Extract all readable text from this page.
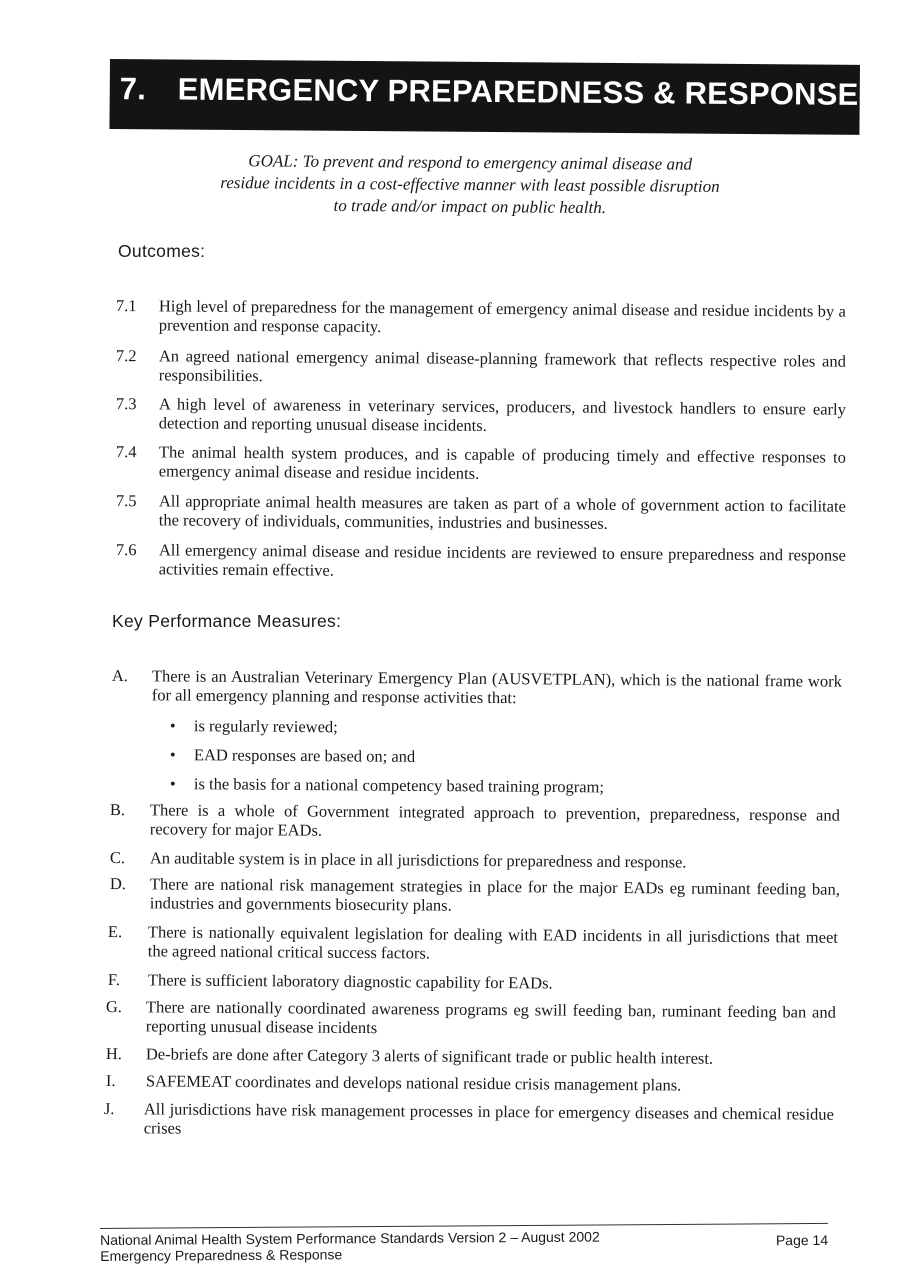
7. EMERGENCY PREPAREDNESS & RESPONSE
GOAL: To prevent and respond to emergency animal disease and
residue incidents in a cost-effective manner with least possible disruption
to trade and/or impact on public health.
Outcomes:
7.1 High level of preparedness for the management of emergency animal disease and residue incidents by a prevention and response capacity.
7.2 An agreed national emergency animal disease-planning framework that reflects respective roles and responsibilities.
7.3 A high level of awareness in veterinary services, producers, and livestock handlers to ensure early detection and reporting unusual disease incidents.
7.4 The animal health system produces, and is capable of producing timely and effective responses to emergency animal disease and residue incidents.
7.5 All appropriate animal health measures are taken as part of a whole of government action to facilitate the recovery of individuals, communities, industries and businesses.
7.6 All emergency animal disease and residue incidents are reviewed to ensure preparedness and response activities remain effective.
Key Performance Measures:
A. There is an Australian Veterinary Emergency Plan (AUSVETPLAN), which is the national frame work for all emergency planning and response activities that:
• is regularly reviewed;
• EAD responses are based on; and
• is the basis for a national competency based training program;
B. There is a whole of Government integrated approach to prevention, preparedness, response and recovery for major EADs.
C. An auditable system is in place in all jurisdictions for preparedness and response.
D. There are national risk management strategies in place for the major EADs eg ruminant feeding ban, industries and governments biosecurity plans.
E. There is nationally equivalent legislation for dealing with EAD incidents in all jurisdictions that meet the agreed national critical success factors.
F. There is sufficient laboratory diagnostic capability for EADs.
G. There are nationally coordinated awareness programs eg swill feeding ban, ruminant feeding ban and reporting unusual disease incidents
H. De-briefs are done after Category 3 alerts of significant trade or public health interest.
I. SAFEMEAT coordinates and develops national residue crisis management plans.
J. All jurisdictions have risk management processes in place for emergency diseases and chemical residue crises
National Animal Health System Performance Standards Version 2 – August 2002
Emergency Preparedness & Response
Page 14
